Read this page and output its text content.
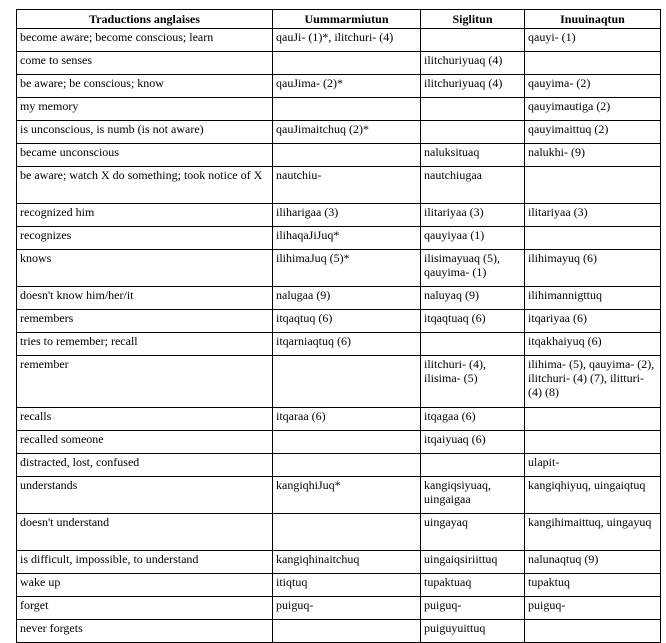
Traductions anglaises	Uummarmiutun	Siglitun	Inuuinaqtun
become aware; become conscious; learn	qauJi- (1)*, ilitchuri- (4)		qauyi- (1)
come to senses		ilitchuriyuaq (4)	
be aware; be conscious; know	qauJima- (2)*	ilitchuriyuaq (4)	qauyima- (2)
my memory			qauyimautiga (2)
is unconscious, is numb (is not aware)	qauJimaitchuq (2)*		qauyimaittuq (2)
became unconscious		naluksituaq	nalukhi- (9)
be aware; watch X do something; took notice of X	nautchiu-	nautchiugaa	
recognized him	iliharigaa (3)	ilitariyaa (3)	ilitariyaa (3)
recognizes	ilihaqaJiJuq*	qauyiyaa (1)	
knows	ilihimaJuq (5)*	ilisimayuaq (5), qauyima- (1)	ilihimayuq (6)
doesn't know him/her/it	nalugaa (9)	naluyaq (9)	ilihimannigttuq
remembers	itqaqtuq (6)	itqaqtuaq (6)	itqariyaa (6)
tries to remember; recall	itqarniaqtuq (6)		itqakhaiyuq (6)
remember		ilitchuri- (4), ilisima- (5)	ilihima- (5), qauyima- (2), ilitchuri- (4) (7), ilitturi- (4) (8)
recalls	itqaraa (6)	itqagaa (6)	
recalled someone		itqaiyuaq (6)	
distracted, lost, confused			ulapit-
understands	kangiqhiJuq*	kangiqsiyuaq, uingaigaa	kangiqhiyuq, uingaiqtuq
doesn't understand		uingayaq	kangihimaittuq, uingayuq
is difficult, impossible, to understand	kangiqhinaitchuq	uingaiqsiriittuq	nalunaqtuq (9)
wake up	itiqtuq	tupaktuaq	tupaktuq
forget	puiguq-	puiguq-	puiguq-
never forgets		puiguyuittuq	
